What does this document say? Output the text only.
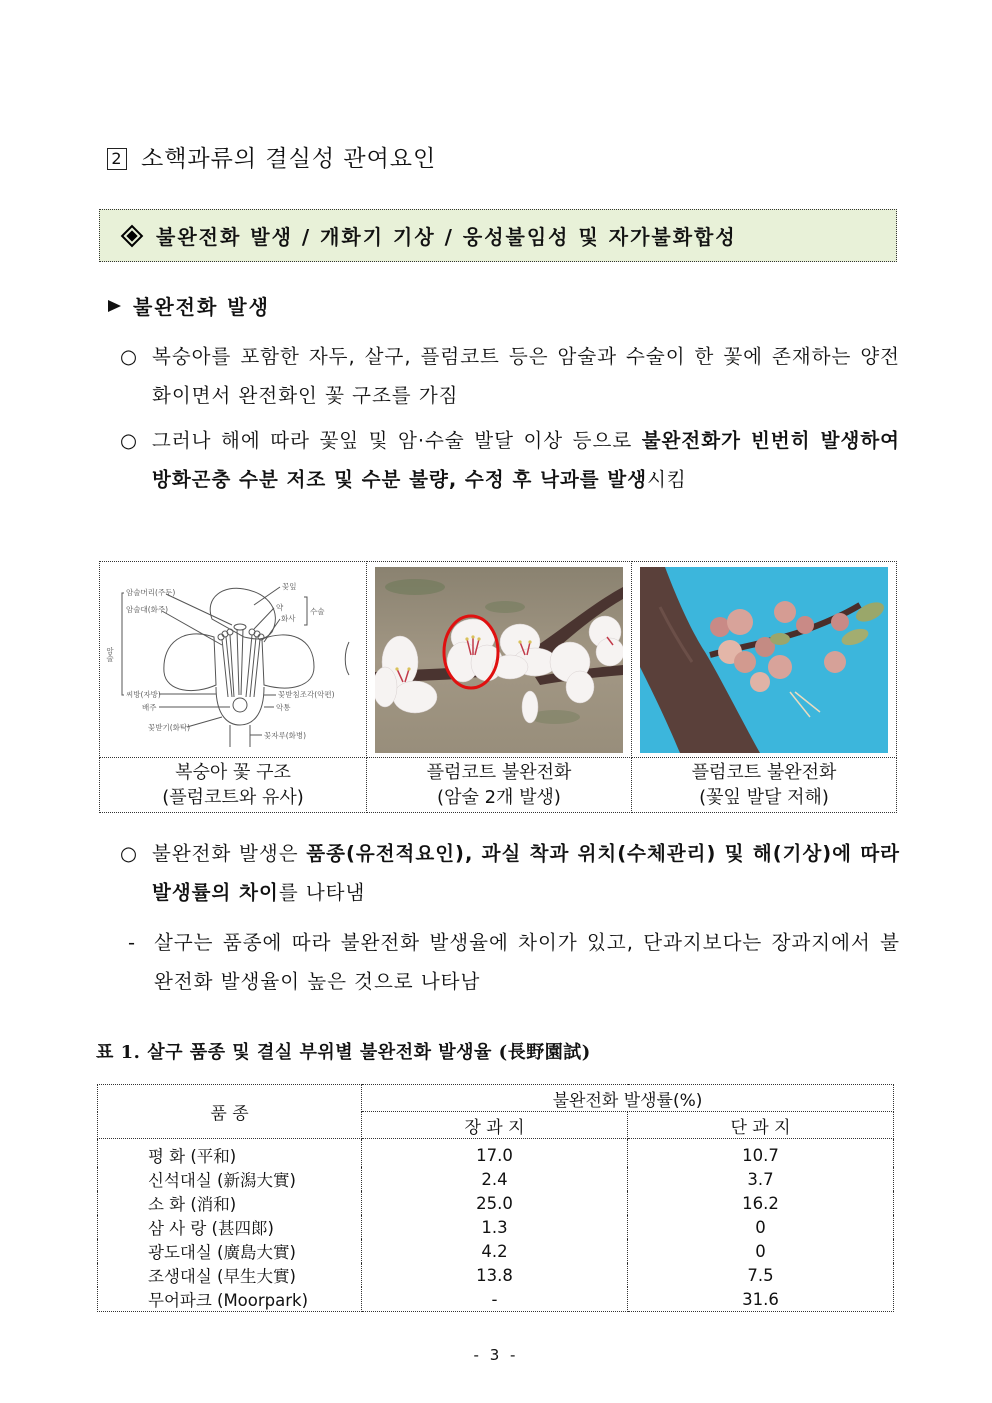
2 소핵과류의 결실성 관여요인
불완전화 발생 / 개화기 기상 / 웅성불임성 및 자가불화합성
불완전화 발생
○ 복숭아를 포함한 자두, 살구, 플럼코트 등은 암술과 수술이 한 꽃에 존재하는 양전화이면서 완전화인 꽃 구조를 가짐
○ 그러나 해에 따라 꽃잎 및 암·수술 발달 이상 등으로 불완전화가 빈번히 발생하여 방화곤충 수분 저조 및 수분 불량, 수정 후 낙과를 발생시킴
꽃잎
암술머리(주두)
암술대(화주)	약
화사
수술
암술
씨방(자방)	꽃받침조각(악편)
악통
배주
꽃받기(화탁)
꽃자루(화병)

복숭아 꽃 구조
(플럼코트와 유사)

플럼코트 불완전화
(암술 2개 발생)

플럼코트 불완전화
(꽃잎 발달 저해)
○ 불완전화 발생은 품종(유전적요인), 과실 착과 위치(수체관리) 및 해(기상)에 따라 발생률의 차이를 나타냄
- 살구는 품종에 따라 불완전화 발생율에 차이가 있고, 단과지보다는 장과지에서 불완전화 발생율이 높은 것으로 나타남
표 1. 살구 품종 및 결실 부위별 불완전화 발생율 (長野園試)
품 종	불완전화 발생률(%)	
	장 과 지	단 과 지
평 화 (平和)	17.0	10.7
신석대실 (新潟大實)	2.4	3.7
소 화 (消和)	25.0	16.2
삼 사 랑 (甚四郞)	1.3	0
광도대실 (廣島大實)	4.2	0
조생대실 (早生大實)	13.8	7.5
무어파크 (Moorpark)	-	31.6
- 3 -
